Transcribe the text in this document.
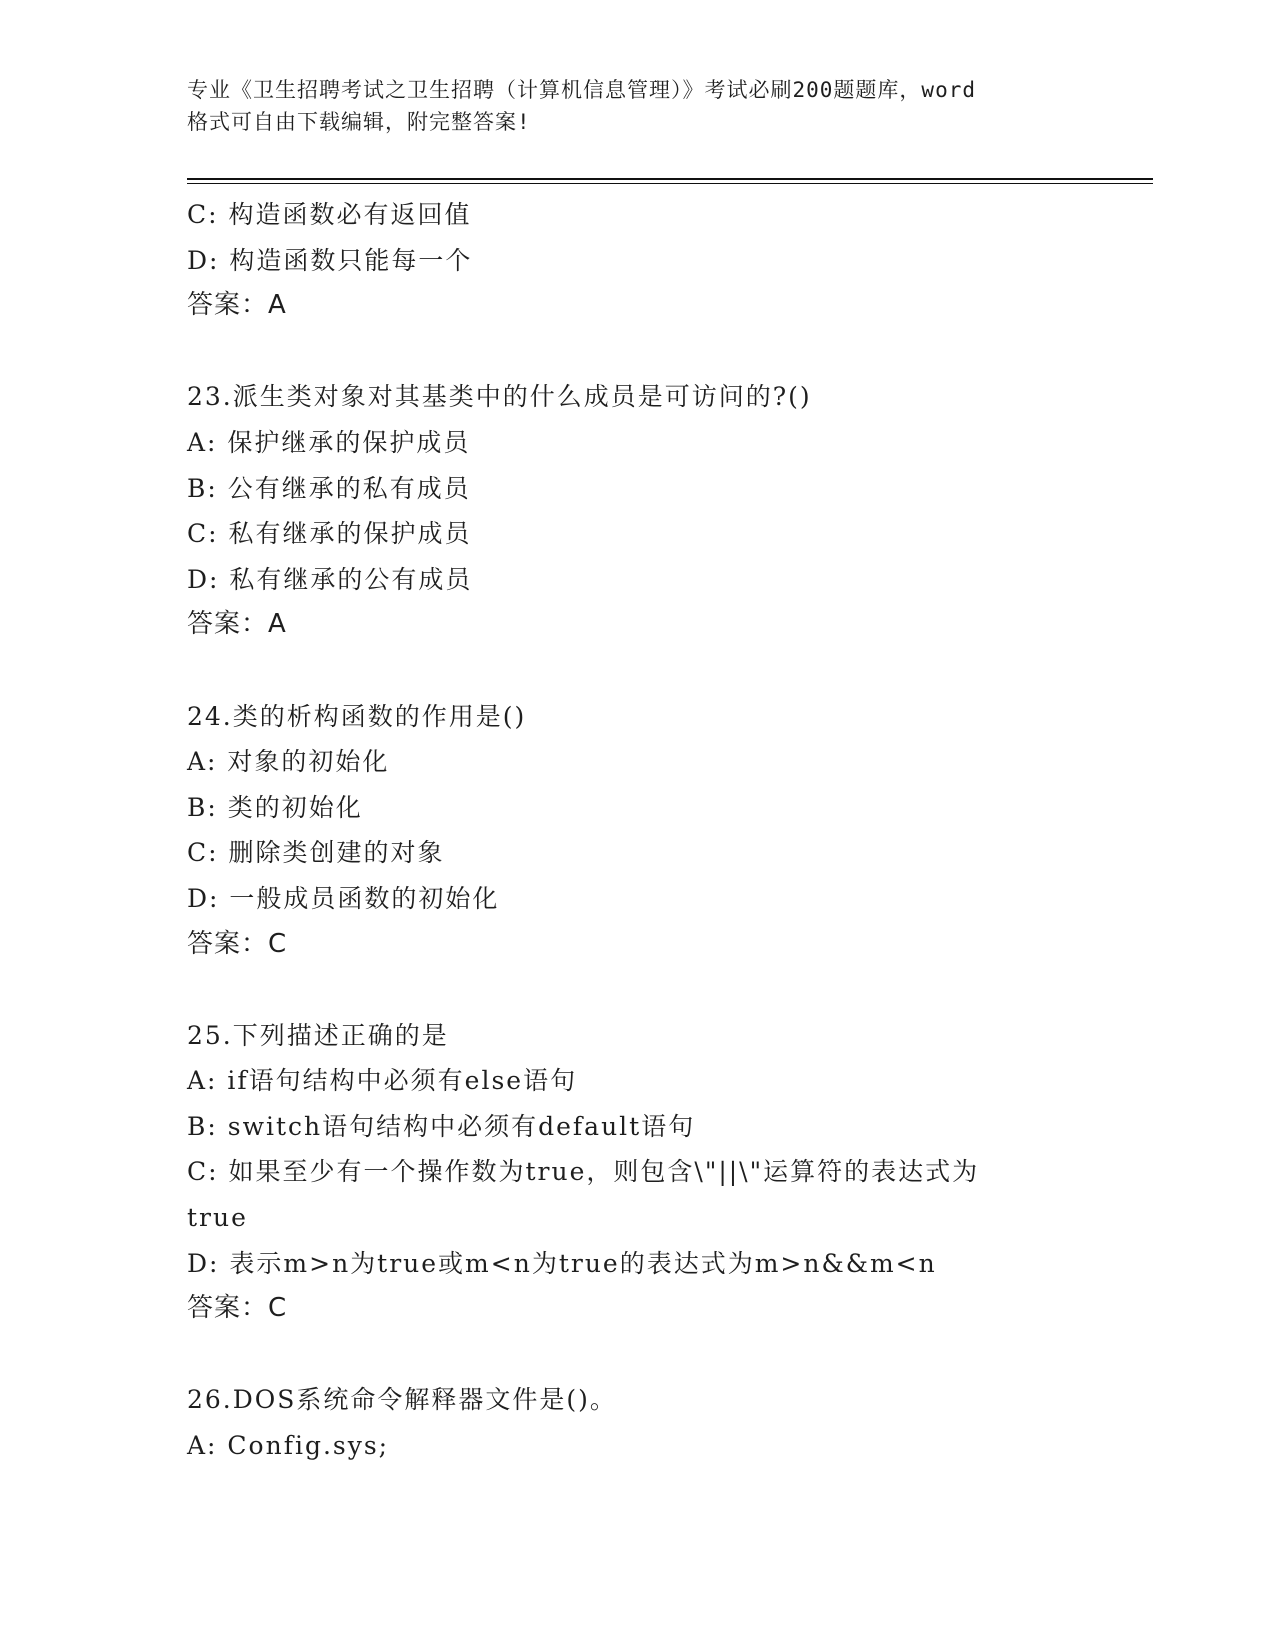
专业《卫生招聘考试之卫生招聘（计算机信息管理）》考试必刷200题题库，word
格式可自由下载编辑，附完整答案!
C: 构造函数必有返回值
D: 构造函数只能每一个
答案：A
23.派生类对象对其基类中的什么成员是可访问的?()
A: 保护继承的保护成员
B: 公有继承的私有成员
C: 私有继承的保护成员
D: 私有继承的公有成员
答案：A
24.类的析构函数的作用是()
A: 对象的初始化
B: 类的初始化
C: 删除类创建的对象
D: 一般成员函数的初始化
答案：C
25.下列描述正确的是
A: if语句结构中必须有else语句
B: switch语句结构中必须有default语句
C: 如果至少有一个操作数为true，则包含\"||\"运算符的表达式为
true
D: 表示m>n为true或m<n为true的表达式为m>n&&m<n
答案：C
26.DOS系统命令解释器文件是()。
A: Config.sys;
